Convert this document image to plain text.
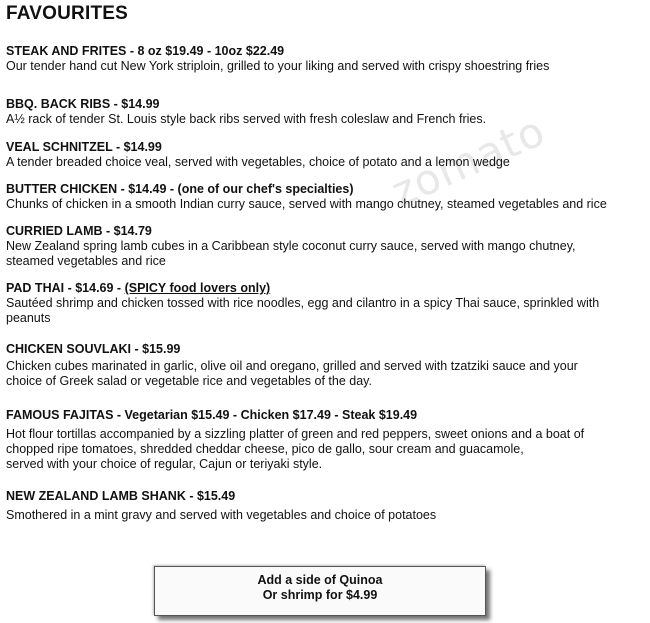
FAVOURITES
zomato
STEAK AND FRITES - 8 oz $19.49 - 10oz $22.49
Our tender hand cut New York striploin, grilled to your liking and served with crispy shoestring fries
BBQ. BACK RIBS - $14.99
A½ rack of tender St. Louis style back ribs served with fresh coleslaw and French fries.
VEAL SCHNITZEL - $14.99
A tender breaded choice veal, served with vegetables, choice of potato and a lemon wedge
BUTTER CHICKEN - $14.49 - (one of our chef's specialties)
Chunks of chicken in a smooth Indian curry sauce, served with mango chutney, steamed vegetables and rice
CURRIED LAMB - $14.79
New Zealand spring lamb cubes in a Caribbean style coconut curry sauce, served with mango chutney,
steamed vegetables and rice
PAD THAI - $14.69 - (SPICY food lovers only)
Sautéed shrimp and chicken tossed with rice noodles, egg and cilantro in a spicy Thai sauce, sprinkled with
peanuts
CHICKEN SOUVLAKI - $15.99
Chicken cubes marinated in garlic, olive oil and oregano, grilled and served with tzatziki sauce and your
choice of Greek salad or vegetable rice and vegetables of the day.
FAMOUS FAJITAS - Vegetarian $15.49 - Chicken $17.49 - Steak $19.49
Hot flour tortillas accompanied by a sizzling platter of green and red peppers, sweet onions and a boat of
chopped ripe tomatoes, shredded cheddar cheese, pico de gallo, sour cream and guacamole,
served with your choice of regular, Cajun or teriyaki style.
NEW ZEALAND LAMB SHANK - $15.49
Smothered in a mint gravy and served with vegetables and choice of potatoes
Add a side of Quinoa
Or shrimp for $4.99
